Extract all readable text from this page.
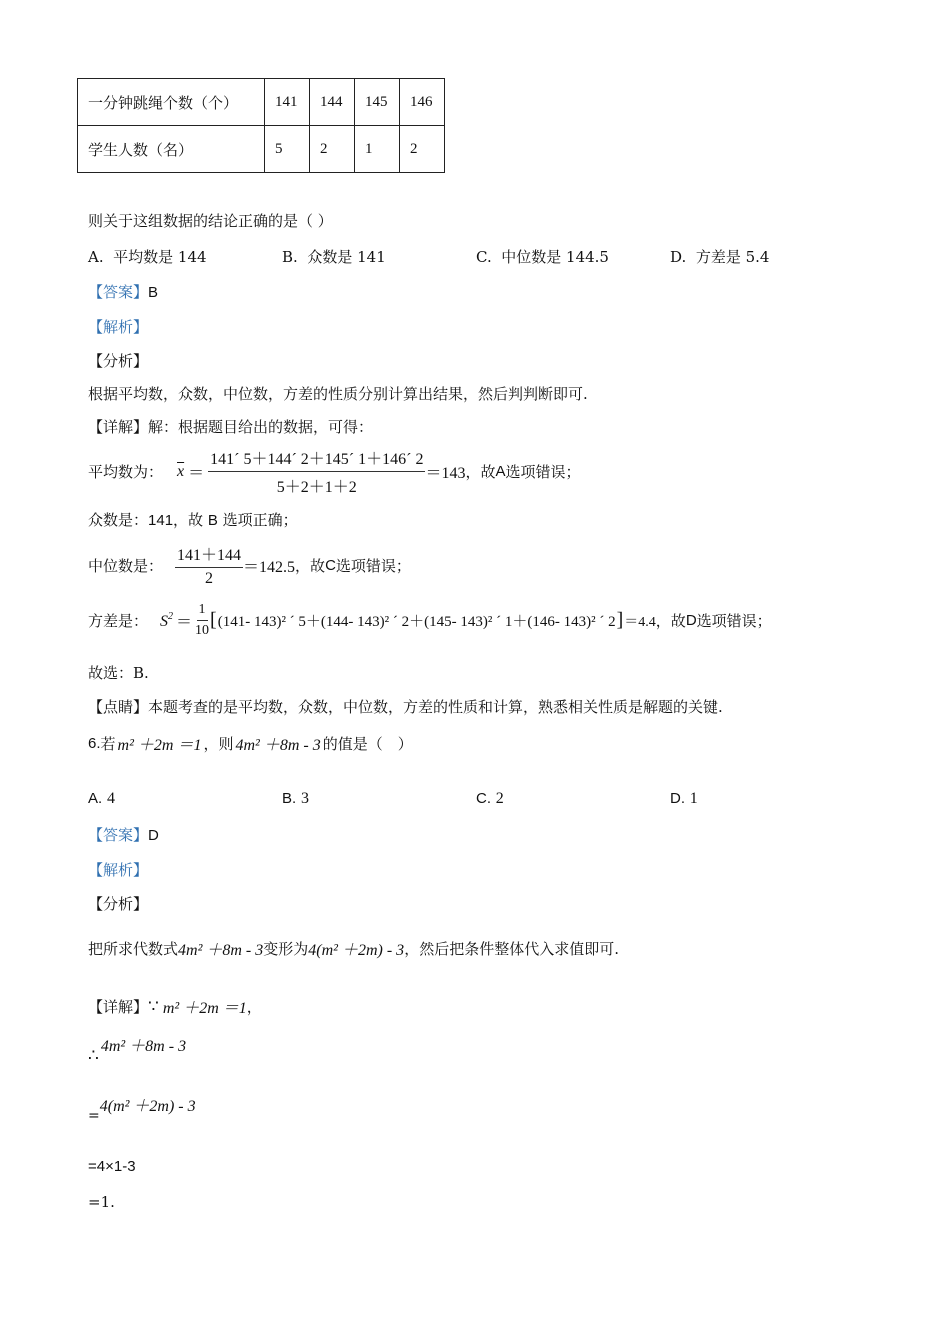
一分钟跳绳个数（个）	141	144	145	146
学生人数（名）	5	2	1	2
则关于这组数据的结论正确的是（ ）
A. 平均数是 144	B. 众数是 141	C. 中位数是 144.5	D. 方差是 5.4
【答案】B
【解析】
【分析】
根据平均数，众数，中位数，方差的性质分别计算出结果，然后判判断即可.
【详解】解：根据题目给出的数据，可得：
平均数为： $\overline{x} = \frac{141´ 5+144´ 2+145´ 1+146´ 2}{5+2+1+2} =143$ ，故 A 选项错误；
众数是：141，故 B 选项正确；
中位数是： $\frac{141+144}{2} =142.5$ ，故 C 选项错误；
方差是： $S^2 = \frac{1}{10}$ [ (141- 143)² ´ 5＋(144- 143)² ´ 2＋(145- 143)² ´ 1＋(146- 143)² ´ 2 ] ＝4.4 ，故 D 选项错误；
故选：B.
【点睛】本题考查的是平均数，众数，中位数，方差的性质和计算，熟悉相关性质是解题的关键.
6. 若 m² ＋2m ＝1 ，则 4m² ＋8m - 3 的值是（　）
A. 4	B. 3	C. 2	D. 1
【答案】D
【解析】
【分析】
把所求代数式 4m² ＋8m - 3 变形为 4(m² ＋2m) - 3 ，然后把条件整体代入求值即可.
【详解】 ∵ m² ＋2m ＝1 ，
∴ 4m² ＋8m - 3
=
4(m² ＋2m) - 3
=4×1-3
=1.
